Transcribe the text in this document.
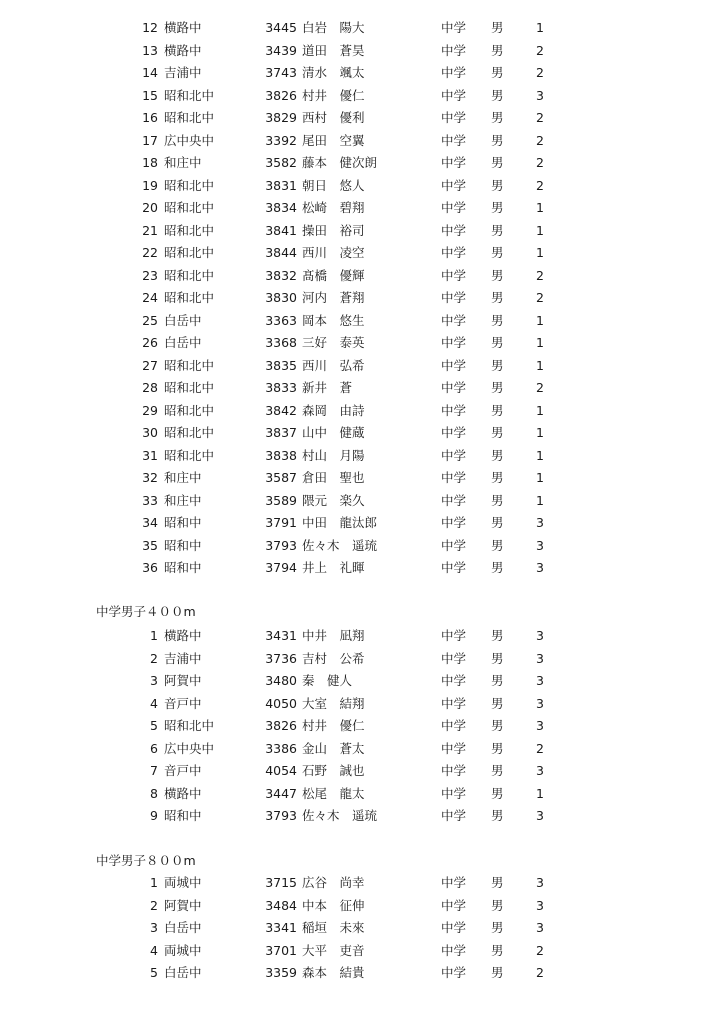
12 横路中	3445 白岩　陽大	中学 男	1
13 横路中	3439 道田　蒼昊	中学 男	2
14 吉浦中	3743 清水　颯太	中学 男	2
15 昭和北中	3826 村井　優仁	中学 男	3
16 昭和北中	3829 西村　優利	中学 男	2
17 広中央中	3392 尾田　空翼	中学 男	2
18 和庄中	3582 藤本　健次朗	中学 男	2
19 昭和北中	3831 朝日　悠人	中学 男	2
20 昭和北中	3834 松崎　碧翔	中学 男	1
21 昭和北中	3841 操田　裕司	中学 男	1
22 昭和北中	3844 西川　凌空	中学 男	1
23 昭和北中	3832 髙橋　優輝	中学 男	2
24 昭和北中	3830 河内　蒼翔	中学 男	2
25 白岳中	3363 岡本　悠生	中学 男	1
26 白岳中	3368 三好　泰英	中学 男	1
27 昭和北中	3835 西川　弘希	中学 男	1
28 昭和北中	3833 新井　蒼	中学 男	2
29 昭和北中	3842 森岡　由詩	中学 男	1
30 昭和北中	3837 山中　健蔵	中学 男	1
31 昭和北中	3838 村山　月陽	中学 男	1
32 和庄中	3587 倉田　聖也	中学 男	1
33 和庄中	3589 隈元　楽久	中学 男	1
34 昭和中	3791 中田　龍汰郎	中学 男	3
35 昭和中	3793 佐々木　遥琉	中学 男	3
36 昭和中	3794 井上　礼暉	中学 男	3
中学男子４００m
1 横路中	3431 中井　凪翔	中学 男	3
2 吉浦中	3736 吉村　公希	中学 男	3
3 阿賀中	3480 秦　健人	中学 男	3
4 音戸中	4050 大室　結翔	中学 男	3
5 昭和北中	3826 村井　優仁	中学 男	3
6 広中央中	3386 金山　蒼太	中学 男	2
7 音戸中	4054 石野　誠也	中学 男	3
8 横路中	3447 松尾　龍太	中学 男	1
9 昭和中	3793 佐々木　遥琉	中学 男	3
中学男子８００m
1 両城中	3715 広谷　尚幸	中学 男	3
2 阿賀中	3484 中本　征伸	中学 男	3
3 白岳中	3341 稲垣　未來	中学 男	3
4 両城中	3701 大平　吏音	中学 男	2
5 白岳中	3359 森本　結貴	中学 男	2
